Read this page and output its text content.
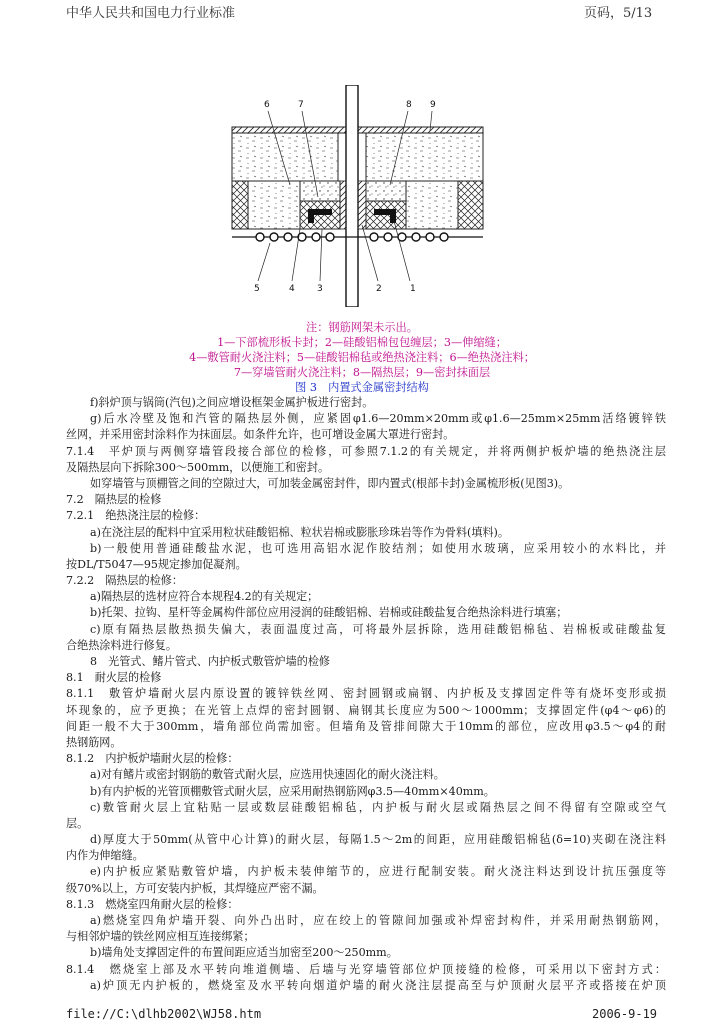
中华人民共和国电力行业标准	页码，5/13
6	7	8 9
5	4 3	2	1
注：钢筋网架未示出。
1—下部梳形板卡封；2—硅酸铝棉包包缠层；3—伸缩缝；
4—敷管耐火浇注料；5—硅酸铝棉毡或绝热浇注料；6—绝热浇注料；
7—穿墙管耐火浇注料；8—隔热层；9—密封抹面层
图 3　内置式金属密封结构
f)斜炉顶与锅筒(汽包)之间应增设框架金属护板进行密封。
g)后水冷壁及饱和汽管的隔热层外侧，应紧固φ1.6—20mm×20mm或φ1.6—25mm×25mm活络镀锌铁
丝网，并采用密封涂料作为抹面层。如条件允许，也可增设金属大罩进行密封。
7.1.4　平炉顶与两侧穿墙管段接合部位的检修，可参照7.1.2的有关规定，并将两侧护板炉墙的绝热浇注层
及隔热层向下拆除300～500mm，以便施工和密封。
如穿墙管与顶棚管之间的空隙过大，可加装金属密封件，即内置式(根部卡封)金属梳形板(见图3)。
7.2　隔热层的检修
7.2.1　绝热浇注层的检修：
a)在浇注层的配料中宜采用粒状硅酸铝棉、粒状岩棉或膨胀珍珠岩等作为骨料(填料)。
b)一般使用普通硅酸盐水泥，也可选用高铝水泥作胶结剂；如使用水玻璃，应采用较小的水料比，并
按DL/T5047—95规定掺加促凝剂。
7.2.2　隔热层的检修：
a)隔热层的选材应符合本规程4.2的有关规定；
b)托架、拉钩、星杆等金属构件部位应用浸润的硅酸铝棉、岩棉或硅酸盐复合绝热涂料进行填塞；
c)原有隔热层散热损失偏大，表面温度过高，可将最外层拆除，选用硅酸铝棉毡、岩棉板或硅酸盐复
合绝热涂料进行修复。
8　光管式、鳍片管式、内护板式敷管炉墙的检修
8.1　耐火层的检修
8.1.1　敷管炉墙耐火层内原设置的镀锌铁丝网、密封圆钢或扁钢、内护板及支撑固定件等有烧坏变形或损
坏现象的，应予更换；在光管上点焊的密封圆钢、扁钢其长度应为500～1000mm；支撑固定件(φ4～φ6)的
间距一般不大于300mm，墙角部位尚需加密。但墙角及管排间隙大于10mm的部位，应改用φ3.5～φ4的耐
热钢筋网。
8.1.2　内护板炉墙耐火层的检修：
a)对有鳍片或密封钢筋的敷管式耐火层，应选用快速固化的耐火浇注料。
b)有内护板的光管顶棚敷管式耐火层，应采用耐热钢筋网φ3.5—40mm×40mm。
c)敷管耐火层上宜粘贴一层或数层硅酸铝棉毡，内护板与耐火层或隔热层之间不得留有空隙或空气
层。
d)厚度大于50mm(从管中心计算)的耐火层，每隔1.5～2m的间距，应用硅酸铝棉毡(δ=10)夹砌在浇注料
内作为伸缩缝。
e)内护板应紧贴敷管炉墙，内护板未装伸缩节的，应进行配制安装。耐火浇注料达到设计抗压强度等
级70%以上，方可安装内护板，其焊缝应严密不漏。
8.1.3　燃烧室四角耐火层的检修：
a)燃烧室四角炉墙开裂、向外凸出时，应在绞上的管隙间加强或补焊密封构件，并采用耐热钢筋网，
与相邻炉墙的铁丝网应相互连接绑紧；
b)墙角处支撑固定件的布置间距应适当加密至200～250mm。
8.1.4　燃烧室上部及水平转向堆道侧墙、后墙与光穿墙管部位炉顶接缝的检修，可采用以下密封方式：
a)炉顶无内护板的，燃烧室及水平转向烟道炉墙的耐火浇注层提高至与炉顶耐火层平齐或搭接在炉顶
file://C:\dlhb2002\WJ58.htm	2006-9-19
